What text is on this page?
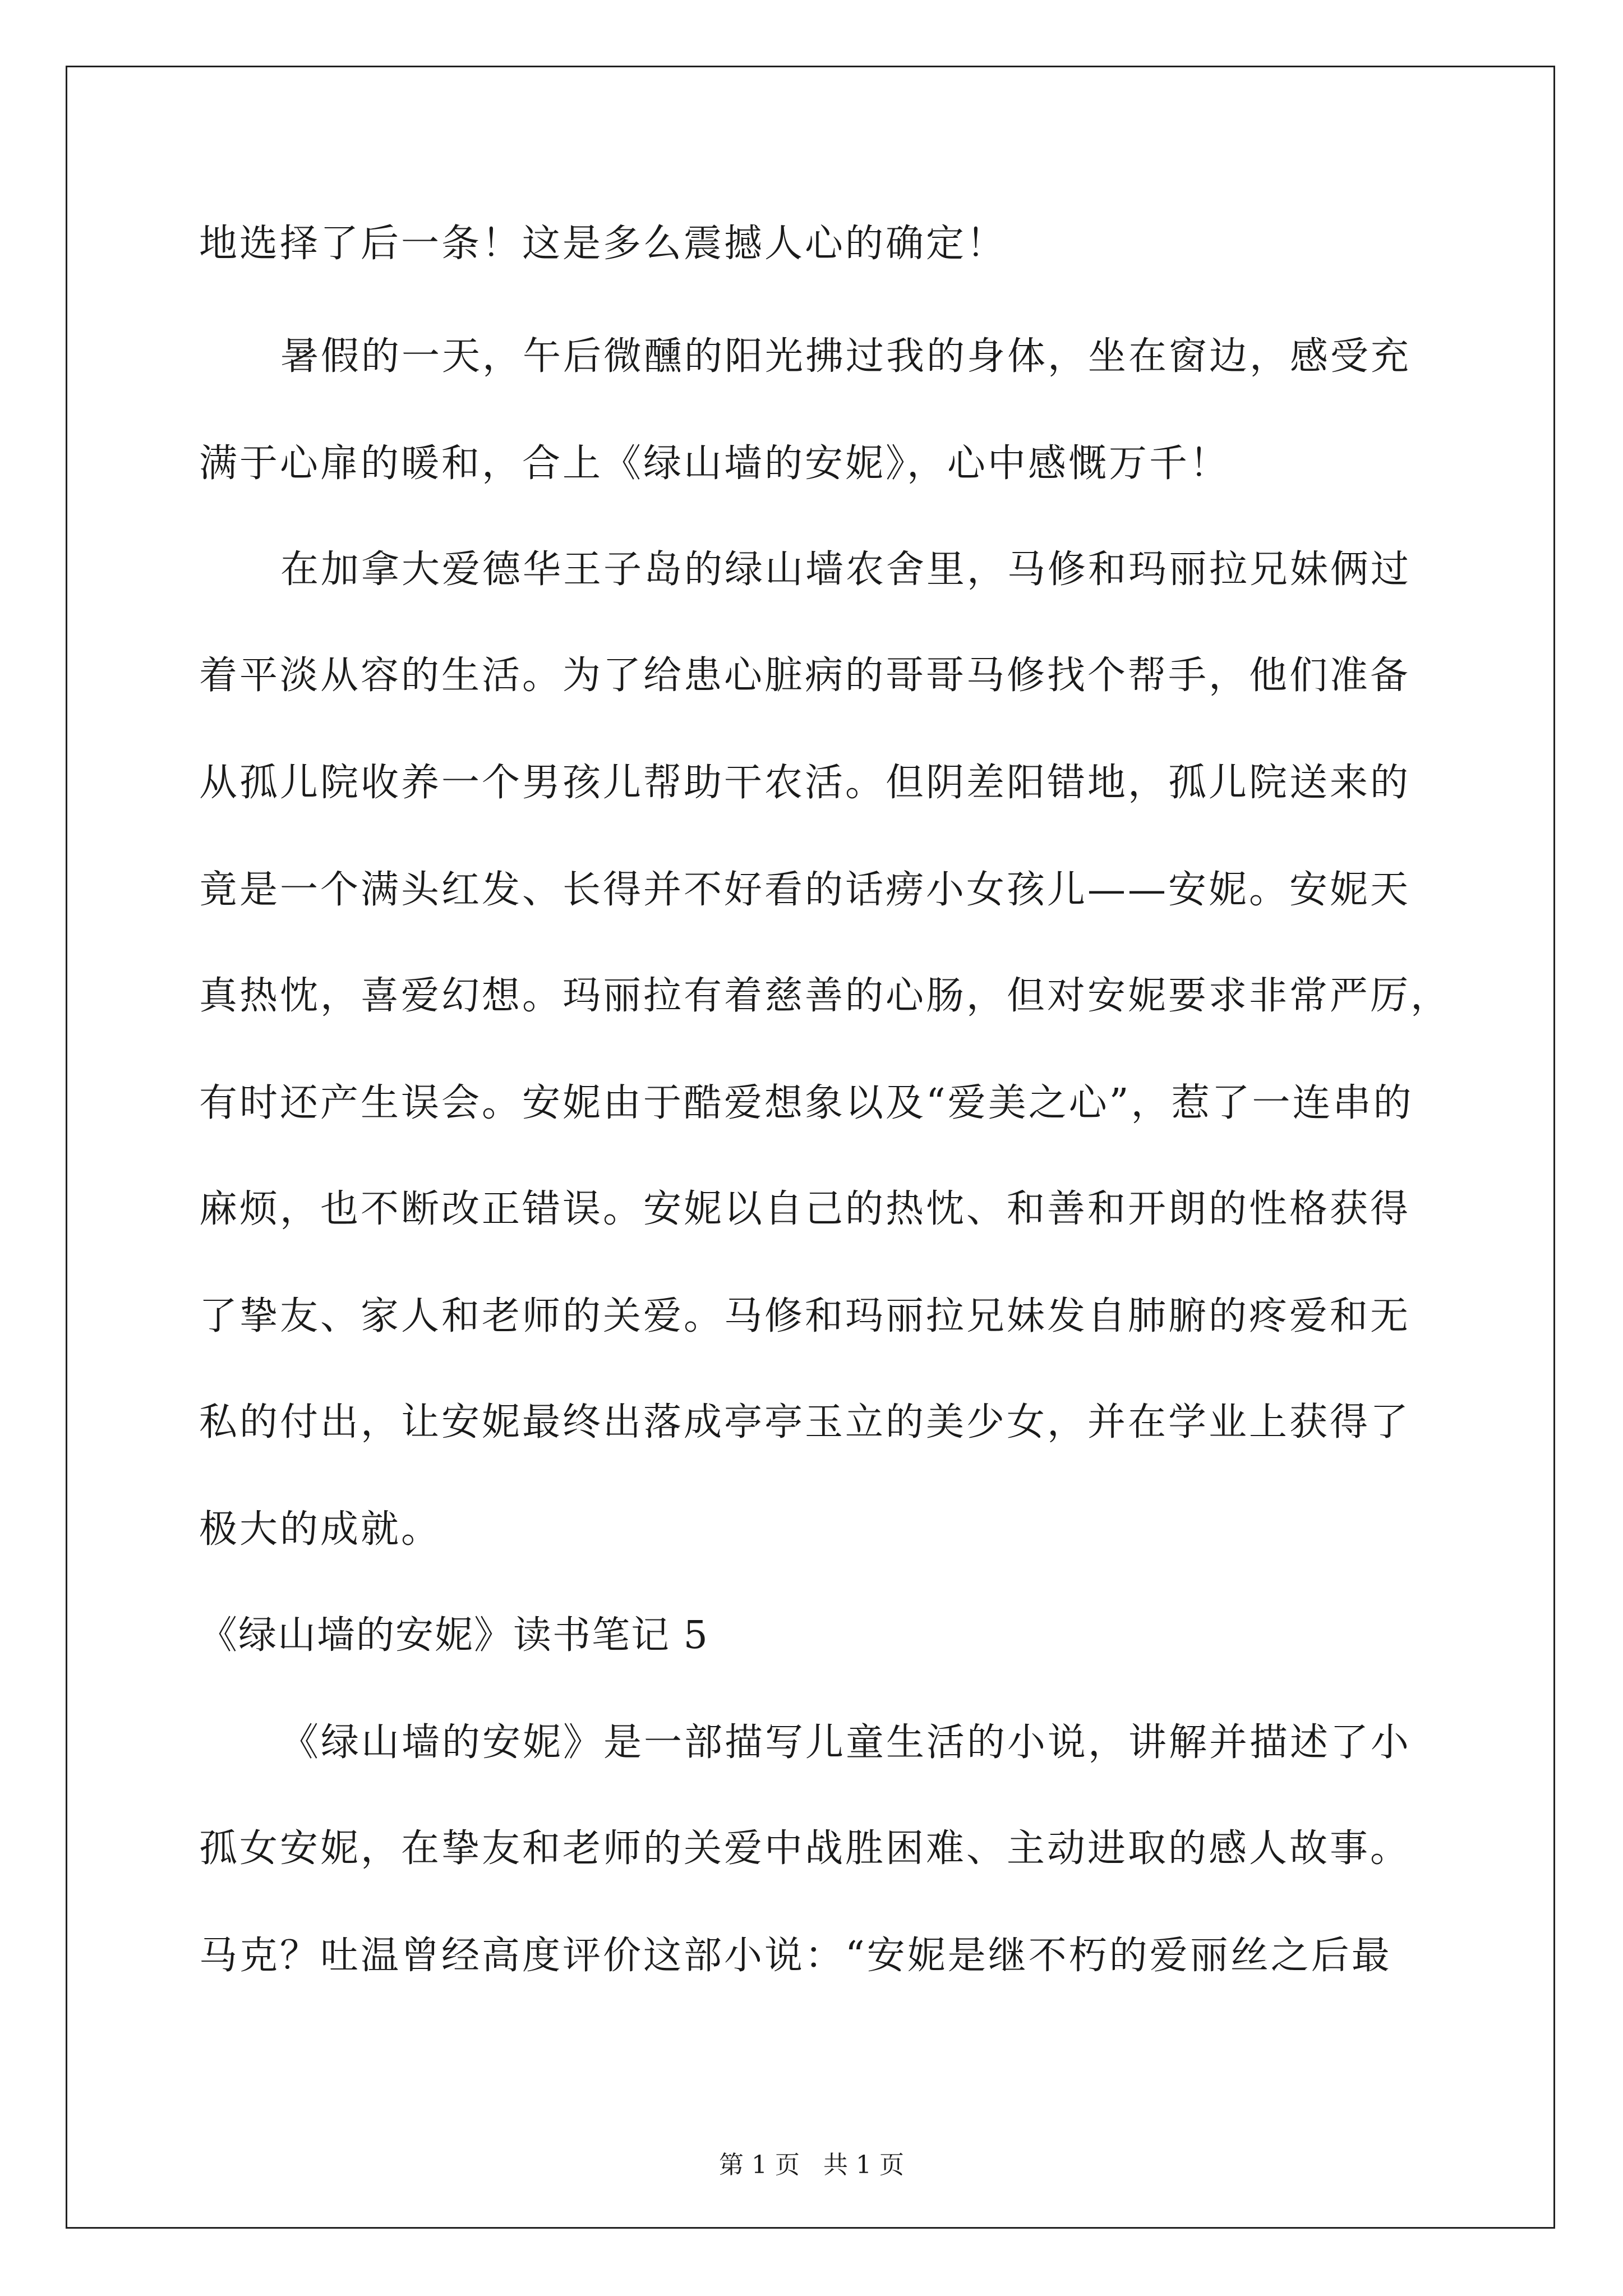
地选择了后一条！这是多么震撼人心的确定！
暑假的一天，午后微醺的阳光拂过我的身体，坐在窗边，感受充
满于心扉的暖和，合上《绿山墙的安妮》，心中感慨万千！
在加拿大爱德华王子岛的绿山墙农舍里，马修和玛丽拉兄妹俩过
着平淡从容的生活。为了给患心脏病的哥哥马修找个帮手，他们准备
从孤儿院收养一个男孩儿帮助干农活。但阴差阳错地，孤儿院送来的
竟是一个满头红发、长得并不好看的话痨小女孩儿——安妮。安妮天
真热忱，喜爱幻想。玛丽拉有着慈善的心肠，但对安妮要求非常严厉，
有时还产生误会。安妮由于酷爱想象以及“爱美之心”，惹了一连串的
麻烦，也不断改正错误。安妮以自己的热忱、和善和开朗的性格获得
了挚友、家人和老师的关爱。马修和玛丽拉兄妹发自肺腑的疼爱和无
私的付出，让安妮最终出落成亭亭玉立的美少女，并在学业上获得了
极大的成就。
《绿山墙的安妮》读书笔记 5
《绿山墙的安妮》是一部描写儿童生活的小说，讲解并描述了小
孤女安妮，在挚友和老师的关爱中战胜困难、主动进取的感人故事。
马克？吐温曾经高度评价这部小说：“安妮是继不朽的爱丽丝之后最
第 1 页   共 1 页
